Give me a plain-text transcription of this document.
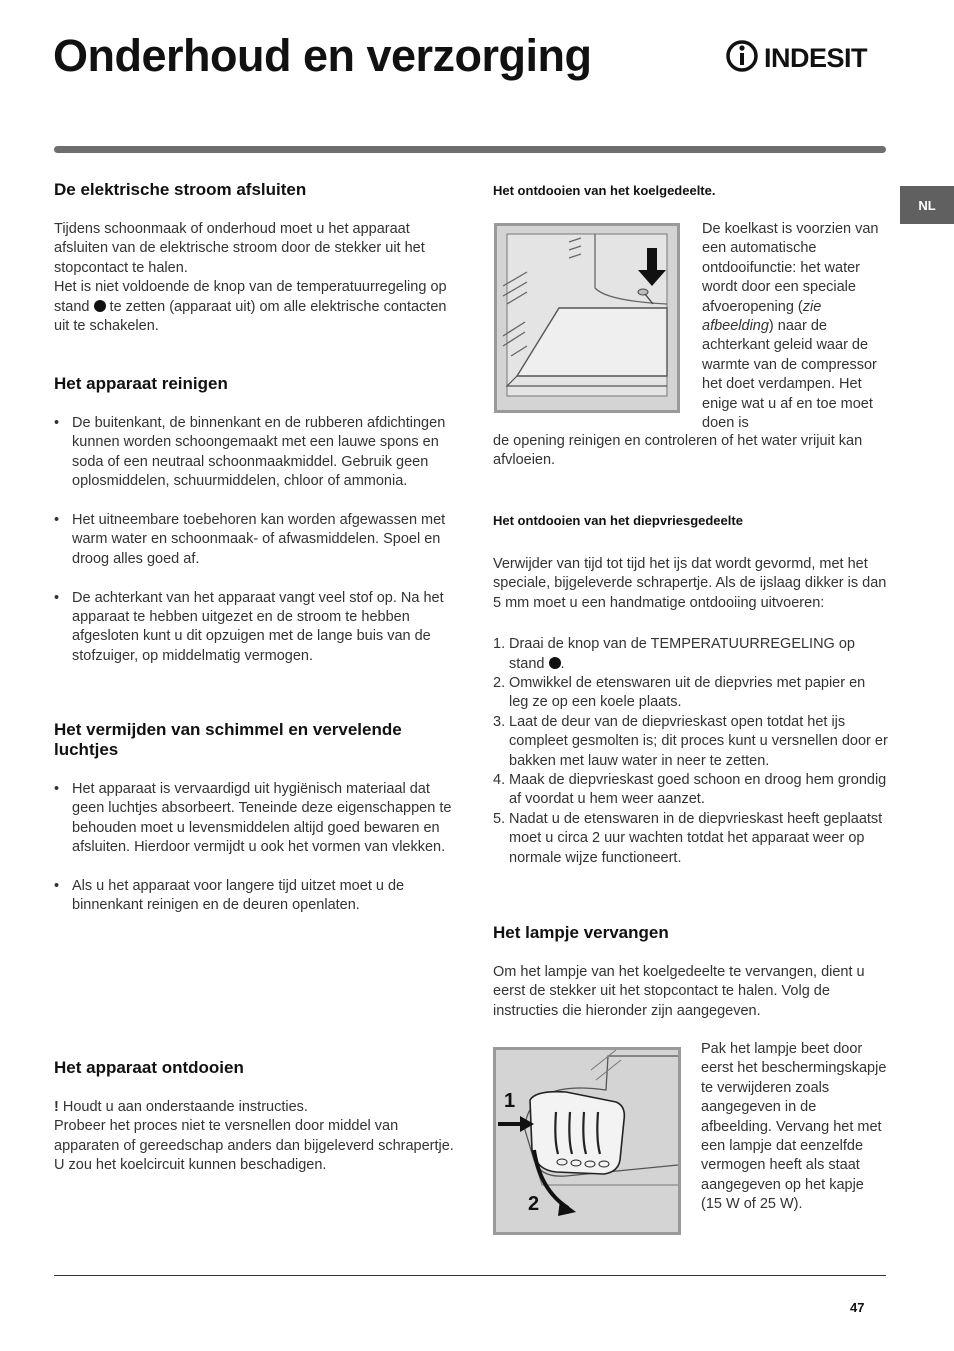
Onderhoud en verzorging	INDESIT
NL
De elektrische stroom afsluiten

Tijdens schoonmaak of onderhoud moet u het apparaat afsluiten van de elektrische stroom door de stekker uit het stopcontact te halen.

Het is niet voldoende de knop van de temperatuurregeling op stand te zetten (apparaat uit) om alle elektrische contacten uit te schakelen.

Het apparaat reinigen
• De buitenkant, de binnenkant en de rubberen afdichtingen kunnen worden schoongemaakt met een lauwe spons en soda of een neutraal schoonmaakmiddel. Gebruik geen oplosmiddelen, schuurmiddelen, chloor of ammonia.
• Het uitneembare toebehoren kan worden afgewassen met warm water en schoonmaak- of afwasmiddelen. Spoel en droog alles goed af.
• De achterkant van het apparaat vangt veel stof op. Na het apparaat te hebben uitgezet en de stroom te hebben afgesloten kunt u dit opzuigen met de lange buis van de stofzuiger, op middelmatig vermogen.
Het vermijden van schimmel en vervelende luchtjes
• Het apparaat is vervaardigd uit hygiënisch materiaal dat geen luchtjes absorbeert. Teneinde deze eigenschappen te behouden moet u levensmiddelen altijd goed bewaren en afsluiten. Hierdoor vermijdt u ook het vormen van vlekken.
• Als u het apparaat voor langere tijd uitzet moet u de binnenkant reinigen en de deuren openlaten.
Het apparaat ontdooien

! Houdt u aan onderstaande instructies.

Probeer het proces niet te versnellen door middel van apparaten of gereedschap anders dan bijgeleverd schrapertje. U zou het koelcircuit kunnen beschadigen.

Het ontdooien van het koelgedeelte.

De koelkast is voorzien van een automatische ontdooifunctie: het water wordt door een speciale afvoeropening (zie afbeelding) naar de achterkant geleid waar de warmte van de compressor het doet verdampen. Het enige wat u af en toe moet doen is

de opening reinigen en controleren of het water vrijuit kan afvloeien.

Het ontdooien van het diepvriesgedeelte

Verwijder van tijd tot tijd het ijs dat wordt gevormd, met het speciale, bijgeleverde schrapertje. Als de ijslaag dikker is dan 5 mm moet u een handmatige ontdooiing uitvoeren:

1. Draai de knop van de TEMPERATUURREGELING op stand .
2. Omwikkel de etenswaren uit de diepvries met papier en leg ze op een koele plaats.
3. Laat de deur van de diepvrieskast open totdat het ijs compleet gesmolten is; dit proces kunt u versnellen door er bakken met lauw water in neer te zetten.
4. Maak de diepvrieskast goed schoon en droog hem grondig af voordat u hem weer aanzet.
5. Nadat u de etenswaren in de diepvrieskast heeft geplaatst moet u circa 2 uur wachten totdat het apparaat weer op normale wijze functioneert.
Het lampje vervangen

Om het lampje van het koelgedeelte te vervangen, dient u eerst de stekker uit het stopcontact te halen. Volg de instructies die hieronder zijn aangegeven.

1
2

Pak het lampje beet door eerst het beschermingskapje te verwijderen zoals aangegeven in de afbeelding. Vervang het met een lampje dat eenzelfde vermogen heeft als staat aangegeven op het kapje (15 W of 25 W).

47
